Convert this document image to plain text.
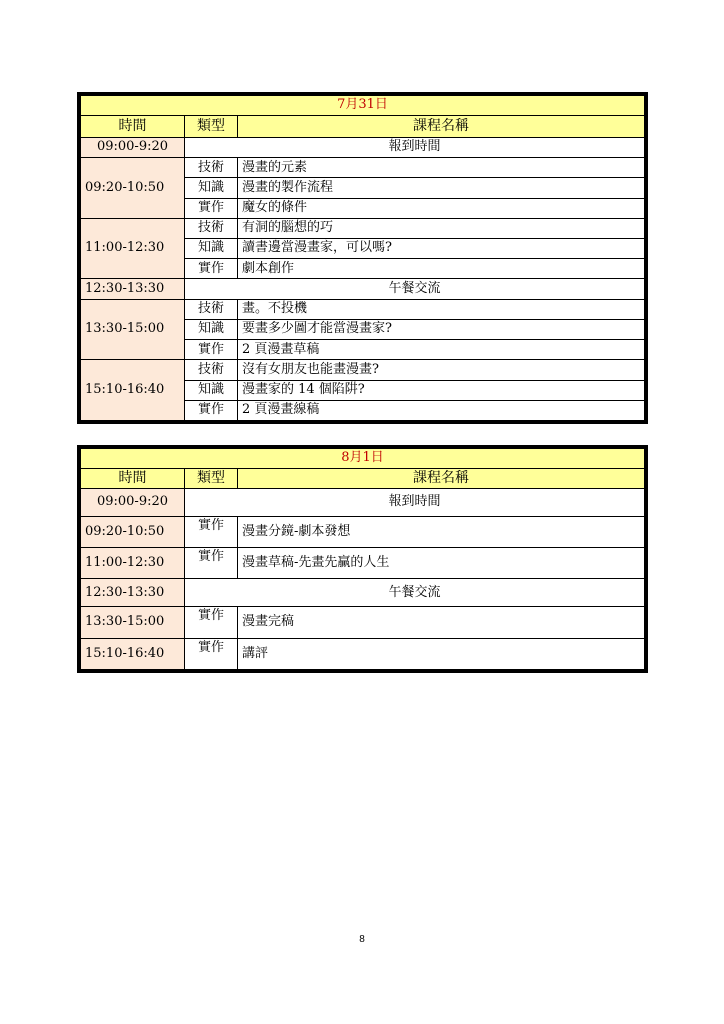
7月31日		
時間	類型	課程名稱
09:00-9:20	報到時間	
09:20-10:50	技術	漫畫的元素
	知識	漫畫的製作流程
	實作	魔女的條件
11:00-12:30	技術	有洞的腦想的巧
	知識	讀書邊當漫畫家，可以嗎?
	實作	劇本創作
12:30-13:30	午餐交流	
13:30-15:00	技術	畫。不投機
	知識	要畫多少圖才能當漫畫家?
	實作	2 頁漫畫草稿
15:10-16:40	技術	沒有女朋友也能畫漫畫?
	知識	漫畫家的 14 個陷阱?
	實作	2 頁漫畫線稿
8月1日		
時間	類型	課程名稱
09:00-9:20	報到時間	
09:20-10:50	實作	漫畫分鏡-劇本發想
11:00-12:30	實作	漫畫草稿-先畫先贏的人生
12:30-13:30	午餐交流	
13:30-15:00	實作	漫畫完稿
15:10-16:40	實作	講評
8
